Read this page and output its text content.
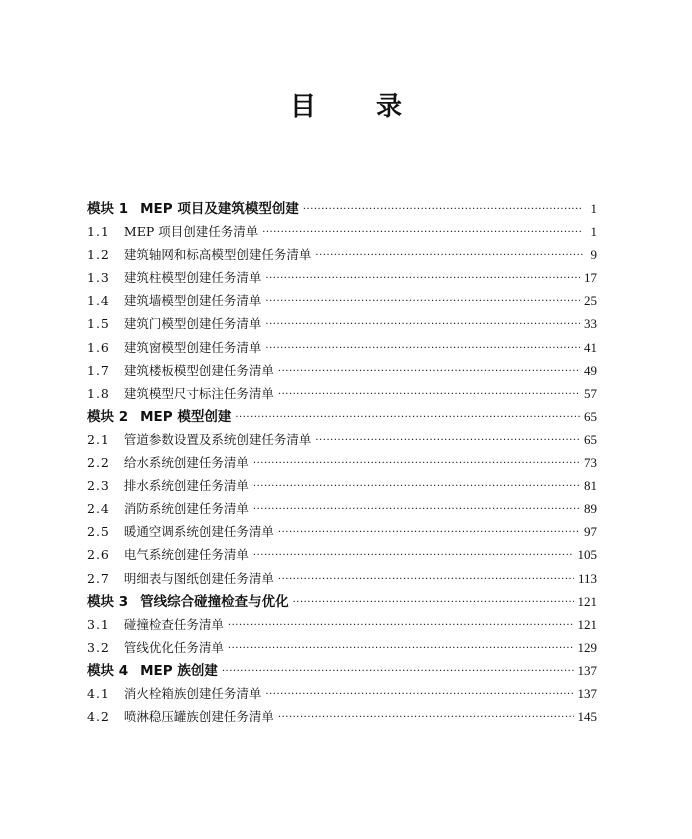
目 录
模块 1 MEP 项目及建筑模型创建 ·····	1
1.1 MEP 项目创建任务清单 ·····	1
1.2 建筑轴网和标高模型创建任务清单 ·····	9
1.3 建筑柱模型创建任务清单 ·····	17
1.4 建筑墙模型创建任务清单 ·····	25
1.5 建筑门模型创建任务清单 ·····	33
1.6 建筑窗模型创建任务清单 ·····	41
1.7 建筑楼板模型创建任务清单 ·····	49
1.8 建筑模型尺寸标注任务清单 ·····	57
模块 2 MEP 模型创建 ·····	65
2.1 管道参数设置及系统创建任务清单 ·····	65
2.2 给水系统创建任务清单 ·····	73
2.3 排水系统创建任务清单 ·····	81
2.4 消防系统创建任务清单 ·····	89
2.5 暖通空调系统创建任务清单 ·····	97
2.6 电气系统创建任务清单 ·····	105
2.7 明细表与图纸创建任务清单 ·····	113
模块 3 管线综合碰撞检查与优化 ·····	121
3.1 碰撞检查任务清单 ·····	121
3.2 管线优化任务清单 ·····	129
模块 4 MEP 族创建 ·····	137
4.1 消火栓箱族创建任务清单 ·····	137
4.2 喷淋稳压罐族创建任务清单 ·····	145
